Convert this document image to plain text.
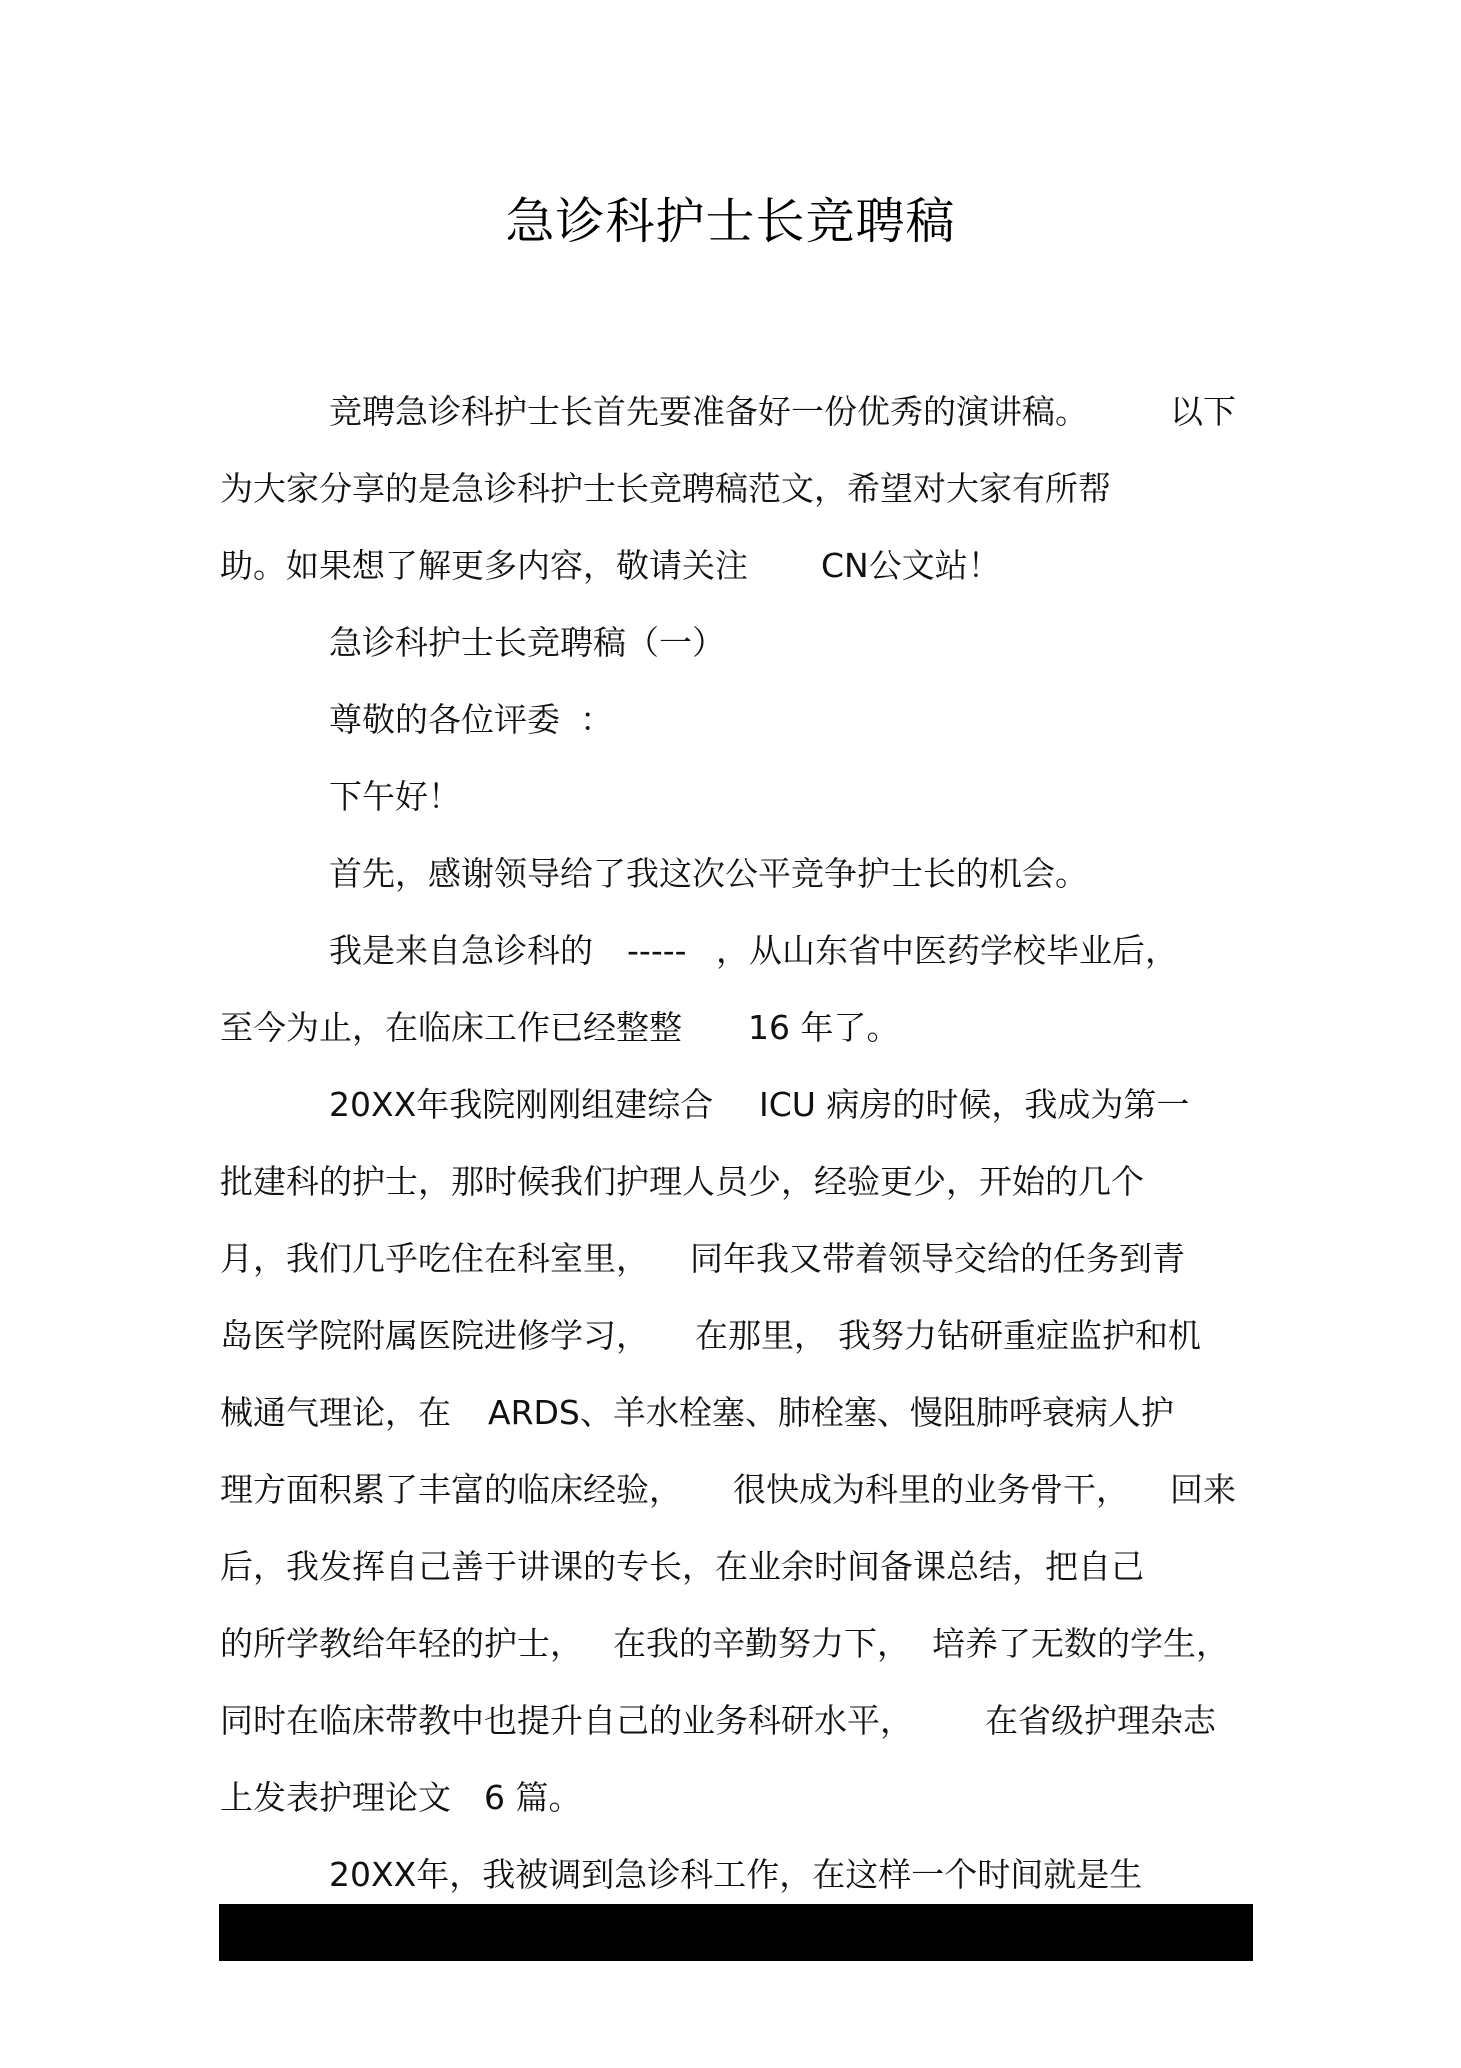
急诊科护士长竞聘稿
竞聘急诊科护士长首先要准备好一份优秀的演讲稿。 以下
为大家分享的是急诊科护士长竞聘稿范文，希望对大家有所帮
助。如果想了解更多内容，敬请关注 CN公文站！
急诊科护士长竞聘稿 （一）
尊敬的各位评委 ：
下午好！
首先，感谢领导给了我这次公平竞争护士长的机会。
我是来自急诊科的 ----- ，从山东省中医药学校毕业后，
至今为止，在临床工作已经整整 16 年了。
20XX年我院刚刚组建综合 ICU 病房的时候，我成为第一
批建科的护士，那时候我们护理人员少，经验更少，开始的几个
月，我们几乎吃住在科室里， 同年我又带着领导交给的任务到青
岛医学院附属医院进修学习， 在那里， 我努力钻研重症监护和机
械通气理论，在 ARDS、羊水栓塞、肺栓塞、慢阻肺呼衰病人护
理方面积累了丰富的临床经验， 很快成为科里的业务骨干， 回来
后，我发挥自己善于讲课的专长，在业余时间备课总结，把自己
的所学教给年轻的护士， 在我的辛勤努力下， 培养了无数的学生，
同时在临床带教中也提升自己的业务科研水平， 在省级护理杂志
上发表护理论文　6 篇。
20XX年，我被调到急诊科工作，在这样一个时间就是生
